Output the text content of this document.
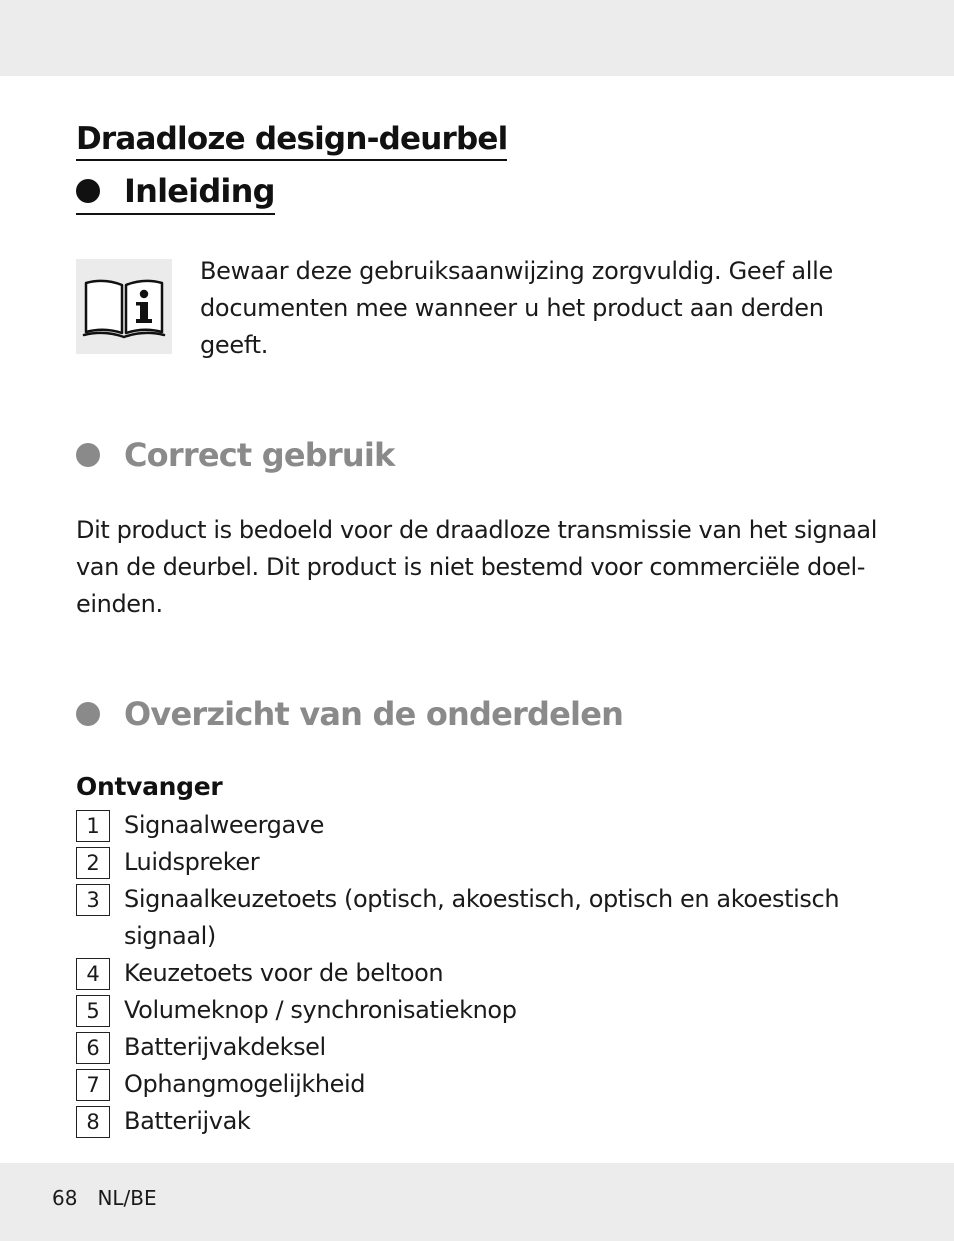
Draadloze design-deurbel
Inleiding
Bewaar deze gebruiksaanwijzing zorgvuldig. Geef alle documenten mee wanneer u het product aan derden geeft.
Correct gebruik
Dit product is bedoeld voor de draadloze transmissie van het signaal van de deurbel. Dit product is niet bestemd voor commerciële doel-einden.
Overzicht van de onderdelen
Ontvanger
1	Signaalweergave
2	Luidspreker
3	Signaalkeuzetoets (optisch, akoestisch, optisch en akoestisch signaal)
4	Keuzetoets voor de beltoon
5	Volumeknop / synchronisatieknop
6	Batterijvakdeksel
7	Ophangmogelijkheid
8	Batterijvak
68 NL/BE
